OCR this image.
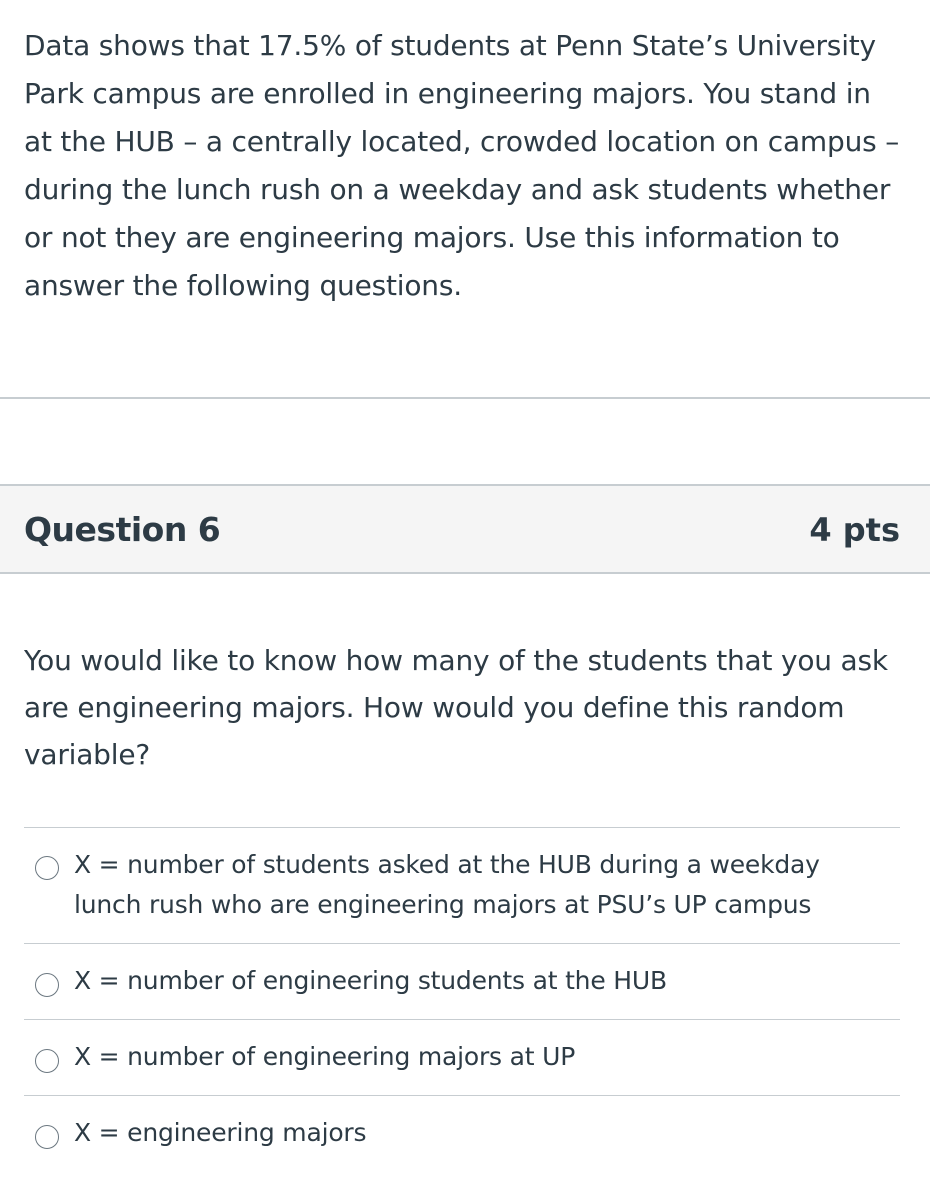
Data shows that 17.5% of students at Penn State’s University Park campus are enrolled in engineering majors. You stand in at the HUB – a centrally located, crowded location on campus – during the lunch rush on a weekday and ask students whether or not they are engineering majors. Use this information to answer the following questions.
Question 6	4 pts
You would like to know how many of the students that you ask are engineering majors. How would you define this random variable?
X = number of students asked at the HUB during a weekday lunch rush who are engineering majors at PSU’s UP campus
X = number of engineering students at the HUB
X = number of engineering majors at UP
X = engineering majors
